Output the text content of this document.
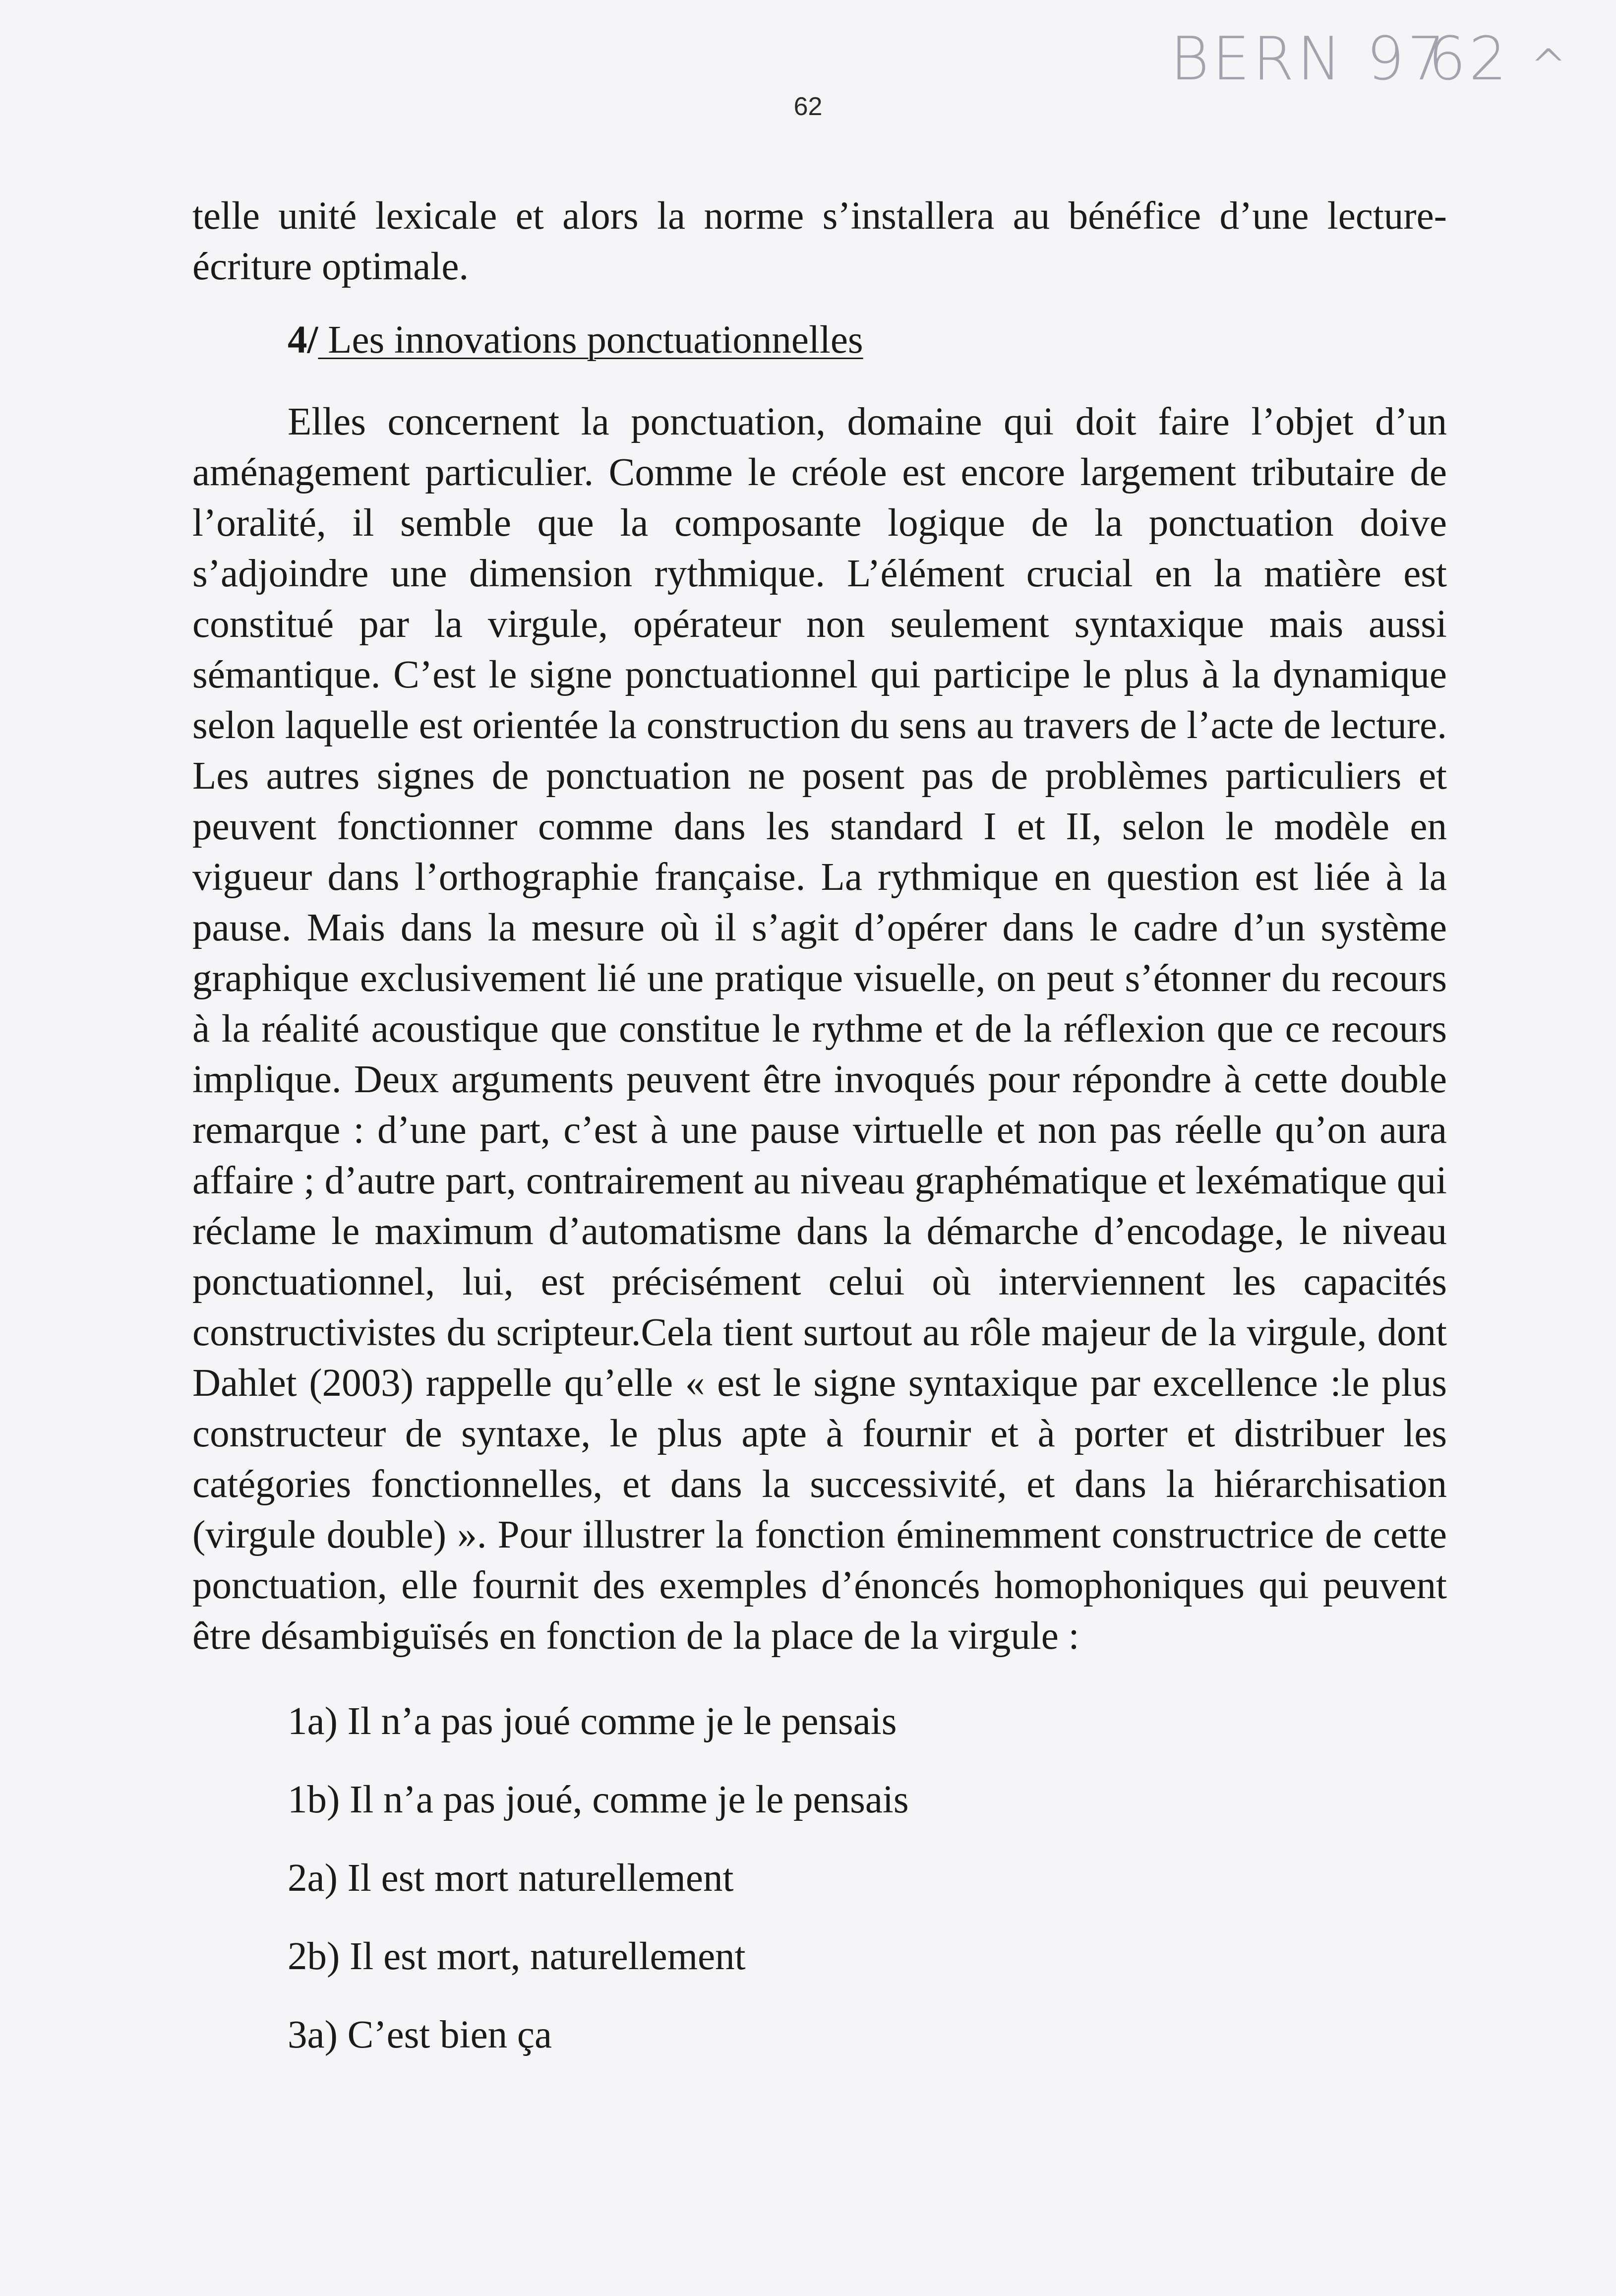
BERN 97
62 ^
62

telle unité lexicale et alors la norme s’installera au bénéfice d’une lecture-écriture optimale.

4/ Les innovations ponctuationnelles

Elles concernent la ponctuation, domaine qui doit faire l’objet d’un aménagement particulier. Comme le créole est encore largement tributaire de l’oralité, il semble que la composante logique de la ponctuation doive s’adjoindre une dimension rythmique. L’élément crucial en la matière est constitué par la virgule, opérateur non seulement syntaxique mais aussi sémantique. C’est le signe ponctuationnel qui participe le plus à la dynamique selon laquelle est orientée la construction du sens au travers de l’acte de lecture. Les autres signes de ponctuation ne posent pas de problèmes particuliers et peuvent fonctionner comme dans les standard I et II, selon le modèle en vigueur dans l’orthographie française. La rythmique en question est liée à la pause. Mais dans la mesure où il s’agit d’opérer dans le cadre d’un système graphique exclusivement lié une pratique visuelle, on peut s’étonner du recours à la réalité acoustique que constitue le rythme et de la réflexion que ce recours implique. Deux arguments peuvent être invoqués pour répondre à cette double remarque : d’une part, c’est à une pause virtuelle et non pas réelle qu’on aura affaire ; d’autre part, contrairement au niveau graphématique et lexématique qui réclame le maximum d’automatisme dans la démarche d’encodage, le niveau ponctuationnel, lui, est précisément celui où interviennent les capacités constructivistes du scripteur.Cela tient surtout au rôle majeur de la virgule, dont Dahlet (2003) rappelle qu’elle « est le signe syntaxique par excellence :le plus constructeur de syntaxe, le plus apte à fournir et à porter et distribuer les catégories fonctionnelles, et dans la successivité, et dans la hiérarchisation (virgule double) ». Pour illustrer la fonction éminemment constructrice de cette ponctuation, elle fournit des exemples d’énoncés homophoniques qui peuvent être désambiguïsés en fonction de la place de la virgule :

1a) Il n’a pas joué comme je le pensais
1b) Il n’a pas joué, comme je le pensais
2a) Il est mort naturellement
2b) Il est mort, naturellement
3a) C’est bien ça
